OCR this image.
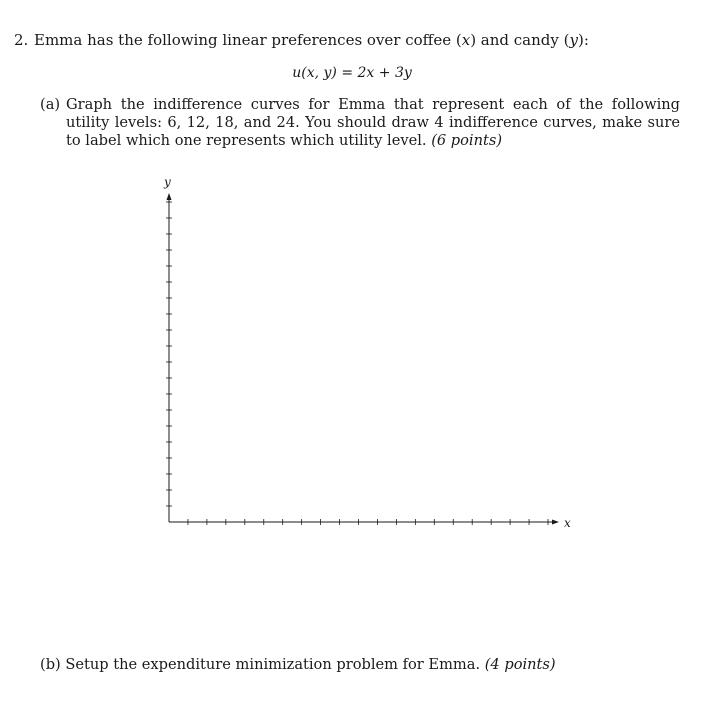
2. Emma has the following linear preferences over coffee (x) and candy (y):
u(x, y) = 2x + 3y
(a) Graph the indifference curves for Emma that represent each of the following utility levels: 6, 12, 18, and 24. You should draw 4 indifference curves, make sure to label which one represents which utility level. (6 points)
y
x
(b) Setup the expenditure minimization problem for Emma. (4 points)
